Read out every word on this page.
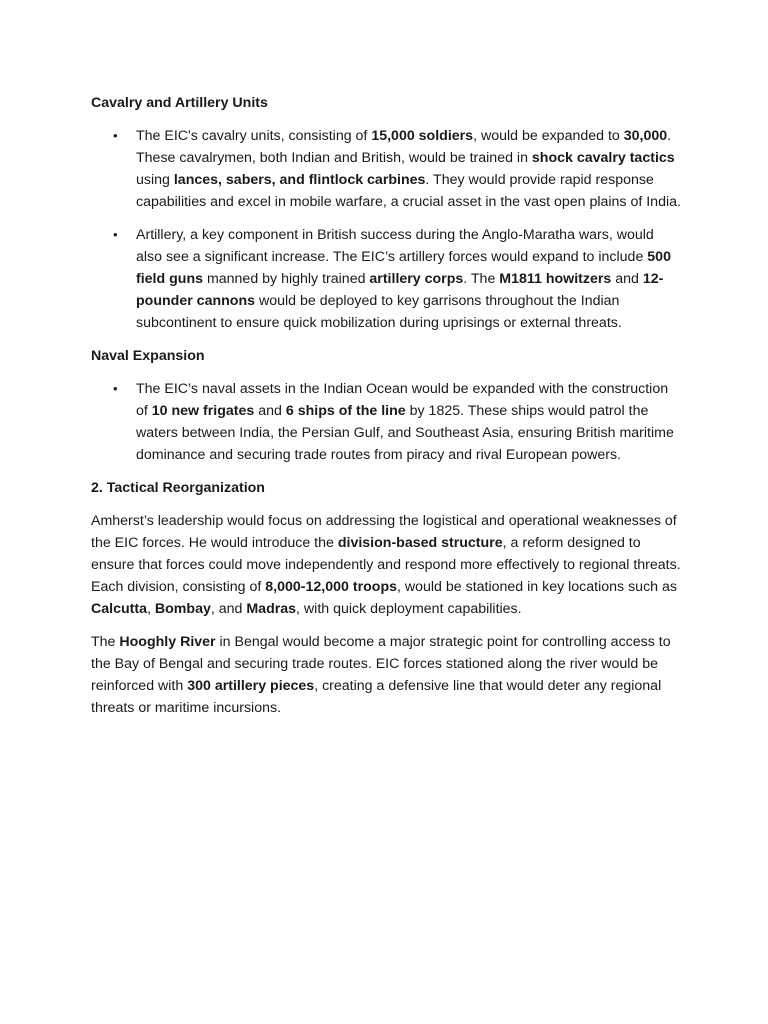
Cavalry and Artillery Units
• The EIC's cavalry units, consisting of 15,000 soldiers, would be expanded to 30,000. These cavalrymen, both Indian and British, would be trained in shock cavalry tactics using lances, sabers, and flintlock carbines. They would provide rapid response capabilities and excel in mobile warfare, a crucial asset in the vast open plains of India.
• Artillery, a key component in British success during the Anglo-Maratha wars, would also see a significant increase. The EIC’s artillery forces would expand to include 500 field guns manned by highly trained artillery corps. The M1811 howitzers and 12-pounder cannons would be deployed to key garrisons throughout the Indian subcontinent to ensure quick mobilization during uprisings or external threats.
Naval Expansion
• The EIC’s naval assets in the Indian Ocean would be expanded with the construction of 10 new frigates and 6 ships of the line by 1825. These ships would patrol the waters between India, the Persian Gulf, and Southeast Asia, ensuring British maritime dominance and securing trade routes from piracy and rival European powers.
2. Tactical Reorganization

Amherst’s leadership would focus on addressing the logistical and operational weaknesses of the EIC forces. He would introduce the division-based structure, a reform designed to ensure that forces could move independently and respond more effectively to regional threats. Each division, consisting of 8,000-12,000 troops, would be stationed in key locations such as Calcutta, Bombay, and Madras, with quick deployment capabilities.

The Hooghly River in Bengal would become a major strategic point for controlling access to the Bay of Bengal and securing trade routes. EIC forces stationed along the river would be reinforced with 300 artillery pieces, creating a defensive line that would deter any regional threats or maritime incursions.
